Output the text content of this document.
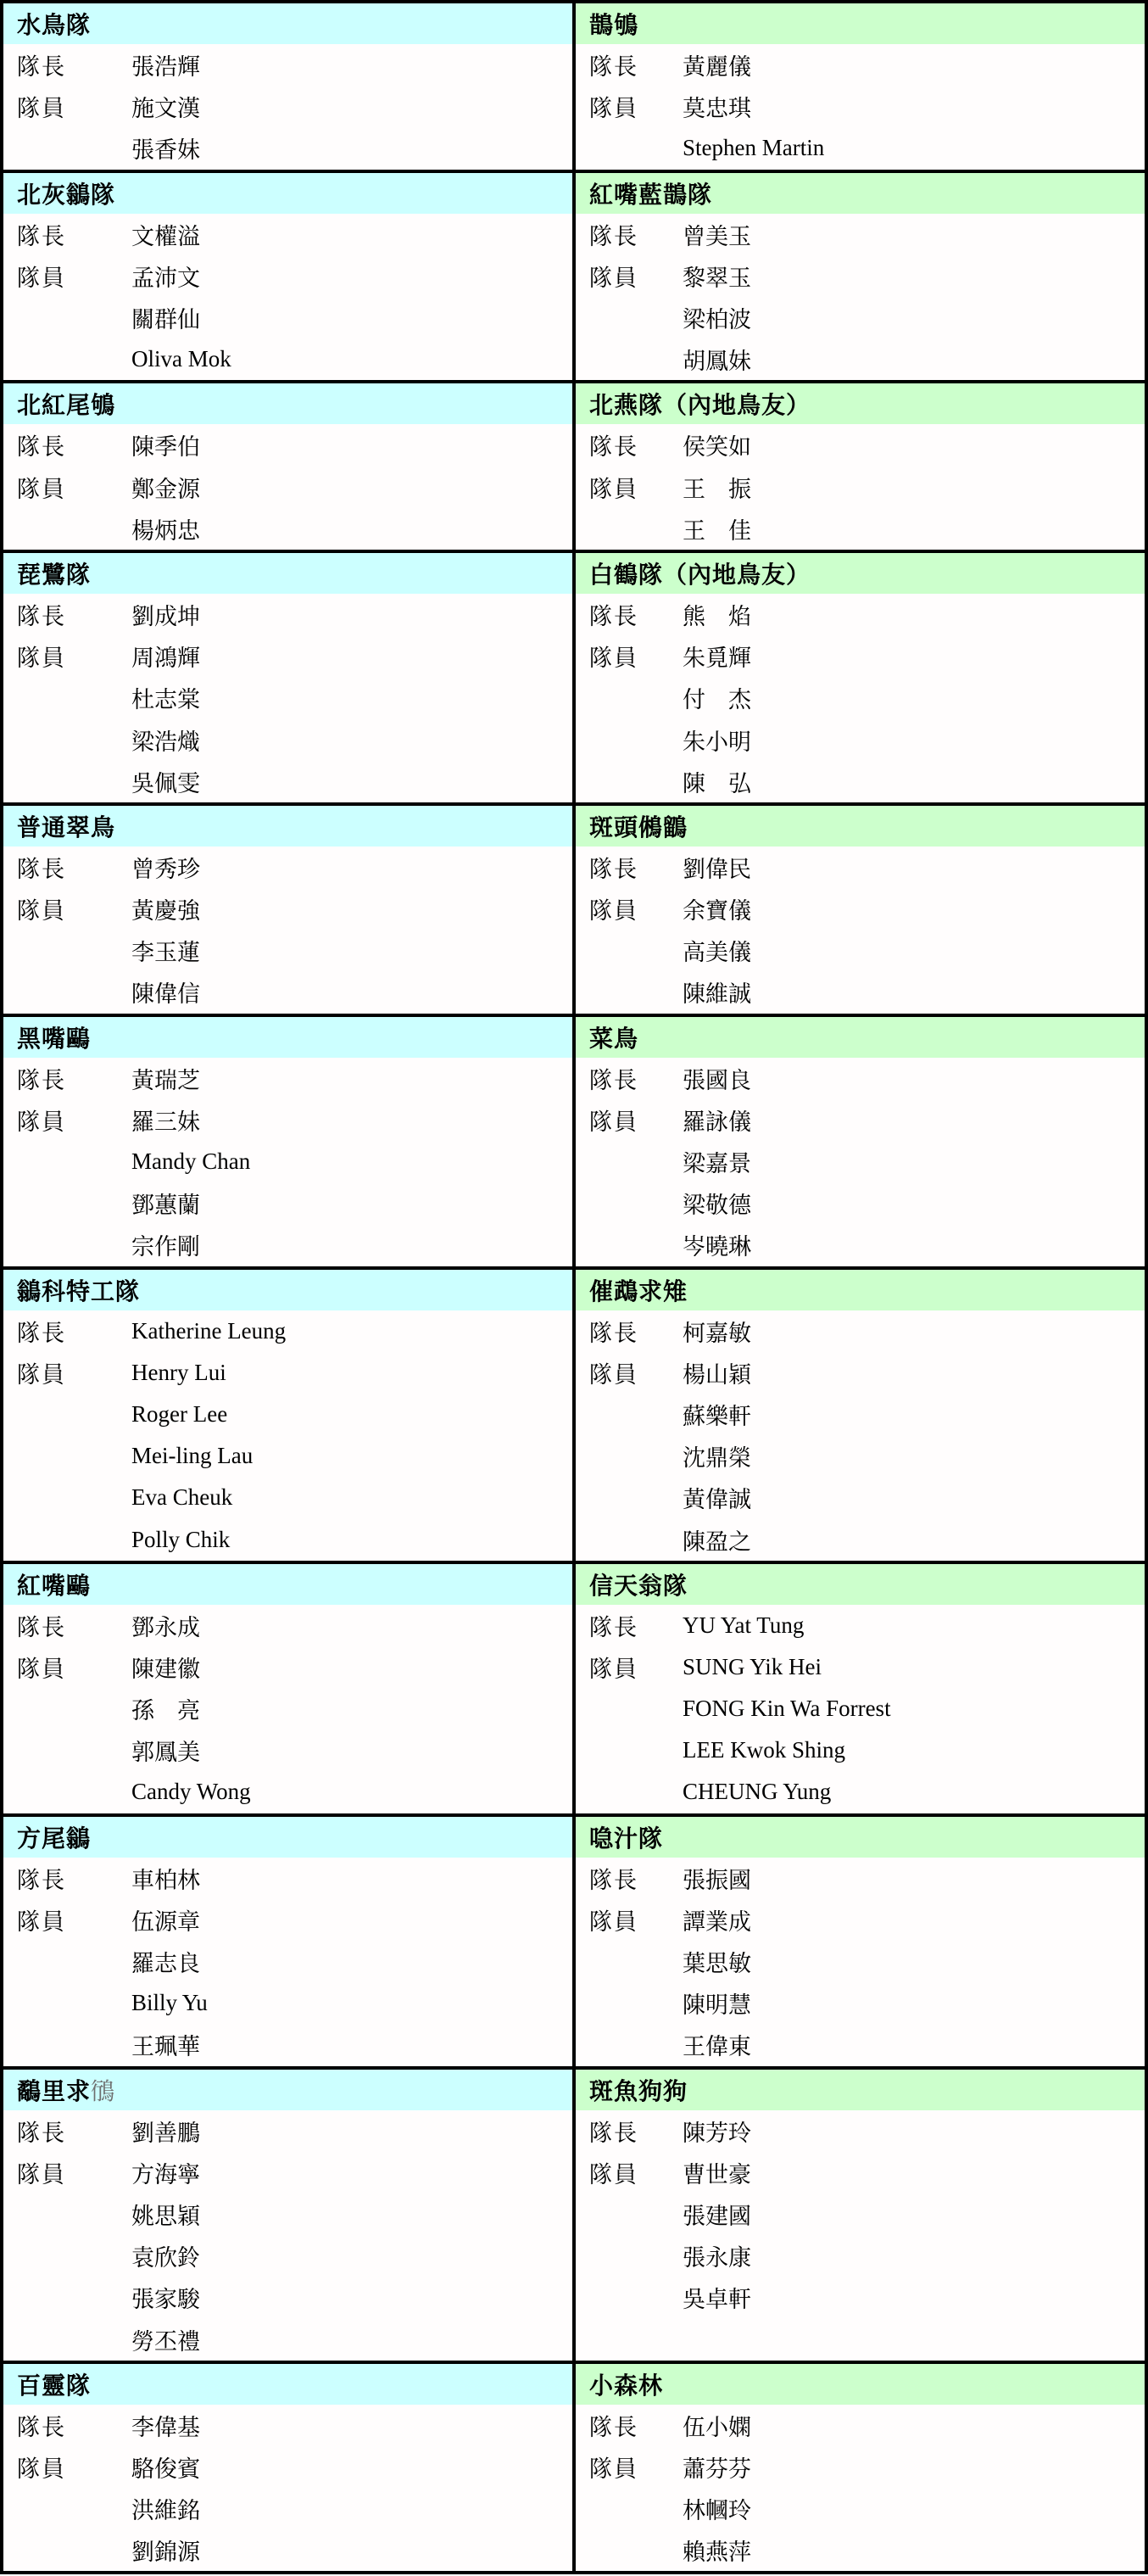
水鳥隊
隊長	張浩輝
隊員	施文漢
張香妹
鵲鴝
隊長	黃麗儀
隊員	莫忠琪
Stephen Martin
北灰鶲隊
隊長	文權溢
隊員	孟沛文
關群仙
Oliva Mok
紅嘴藍鵲隊
隊長	曾美玉
隊員	黎翠玉
梁柏波
胡鳳妹
北紅尾鴝
隊長	陳季伯
隊員	鄭金源
楊炳忠
北燕隊（內地鳥友）
隊長	侯笑如
隊員	王　振
王　佳
琵鷺隊
隊長	劉成坤
隊員	周鴻輝
杜志棠
梁浩熾
吳佩雯
白鶴隊（內地鳥友）
隊長	熊　焰
隊員	朱覓輝
付　杰
朱小明
陳　弘
普通翠鳥
隊長	曾秀珍
隊員	黃慶強
李玉蓮
陳偉信
斑頭鵂鶹
隊長	劉偉民
隊員	余寶儀
高美儀
陳維誠
黑嘴鷗
隊長	黃瑞芝
隊員	羅三妹
Mandy Chan
鄧蕙蘭
宗作剛
菜鳥
隊長	張國良
隊員	羅詠儀
梁嘉景
梁敬德
岑曉琳
鶲科特工隊
隊長	Katherine Leung
隊員	Henry Lui
Roger Lee
Mei-ling Lau
Eva Cheuk
Polly Chik
催鵡求雉
隊長	柯嘉敏
隊員	楊山穎
蘇樂軒
沈鼎榮
黃偉誠
陳盈之
紅嘴鷗
隊長	鄧永成
隊員	陳建徽
孫　亮
郭鳳美
Candy Wong
信天翁隊
隊長	YU Yat Tung
隊員	SUNG Yik Hei
FONG Kin Wa Forrest
LEE Kwok Shing
CHEUNG Yung
方尾鶲
隊長	車柏林
隊員	伍源章
羅志良
Billy Yu
王珮華
喼汁隊
隊長	張振國
隊員	譚業成
葉思敏
陳明慧
王偉東
鷸里求 鴴
隊長	劉善鵬
隊員	方海寧
姚思穎
袁欣鈴
張家駿
勞丕禮
斑魚狗狗
隊長	陳芳玲
隊員	曹世豪
張建國
張永康
吳卓軒
百靈隊
隊長	李偉基
隊員	駱俊賓
洪維銘
劉錦源
小森林
隊長	伍小嫻
隊員	蕭芬芬
林幗玲
賴燕萍
